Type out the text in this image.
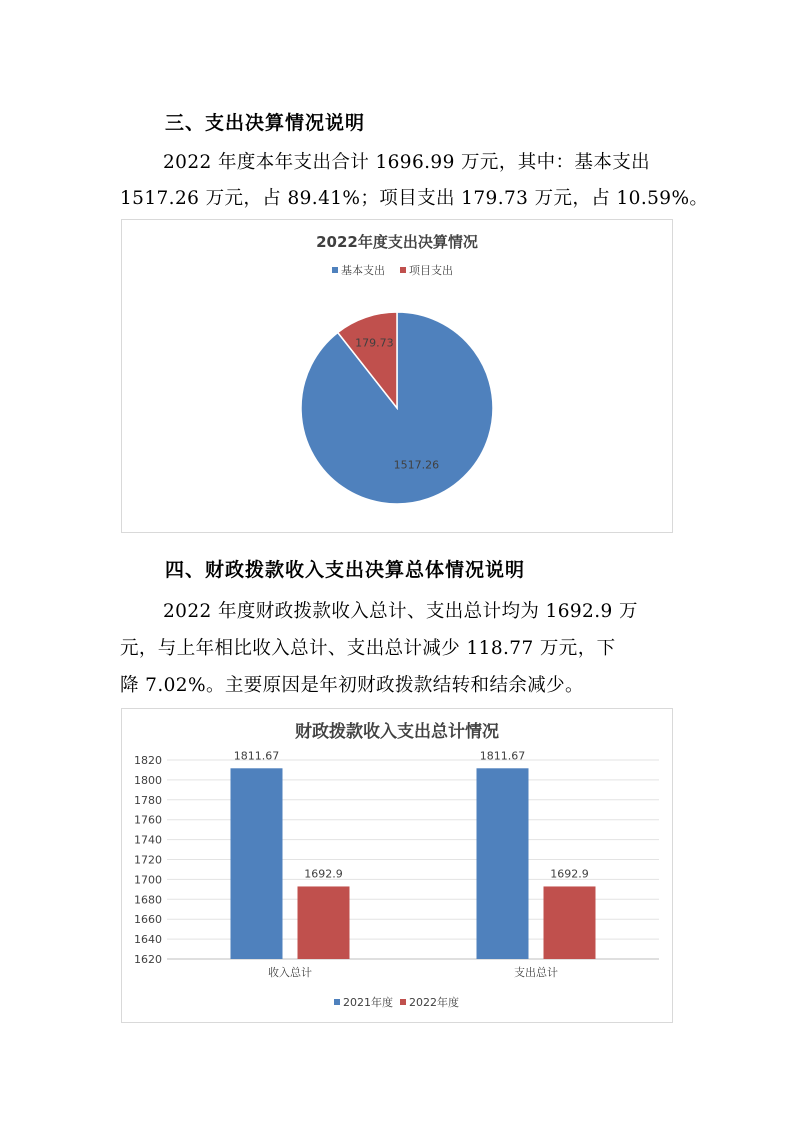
三、支出决算情况说明

2022 年度本年支出合计 1696.99 万元，其中：基本支出

1517.26 万元，占 89.41%；项目支出 179.73 万元，占 10.59%。

2022年度支出决算情况
基本支出 项目支出
1517.26
179.73
四、财政拨款收入支出决算总体情况说明

2022 年度财政拨款收入总计、支出总计均为 1692.9 万

元，与上年相比收入总计、支出总计减少 118.77 万元，下

降 7.02%。主要原因是年初财政拨款结转和结余减少。

财政拨款收入支出总计情况
1620
1640
1660
1680
1700
1720
1740
1760
1780
1800
1820	1811.67
1692.9
1811.67
1692.9
收入总计	支出总计
2021年度 2022年度
